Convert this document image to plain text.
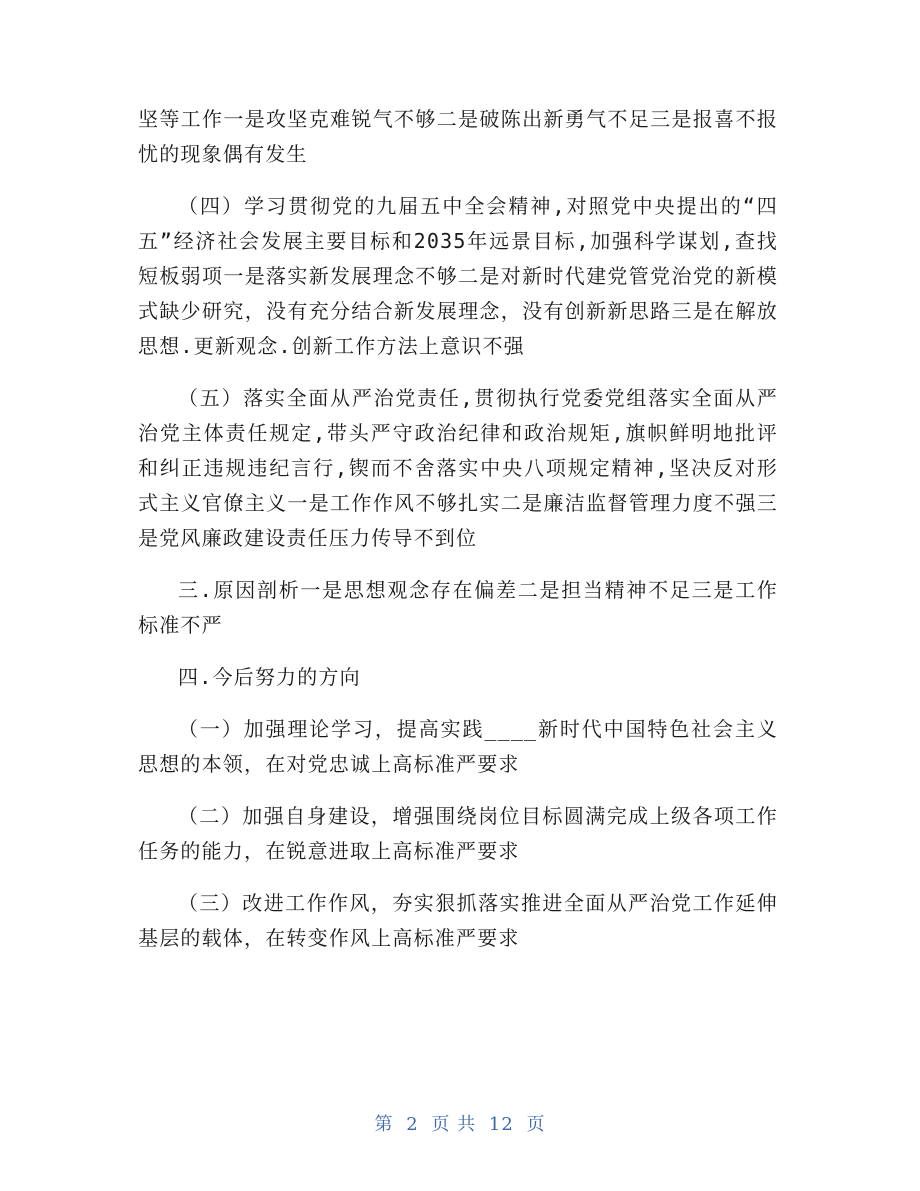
坚等工作一是攻坚克难锐气不够二是破陈出新勇气不足三是报喜不报忧的现象偶有发生

（四）学习贯彻党的九届五中全会精神,对照党中央提出的“四五”经济社会发展主要目标和2035年远景目标,加强科学谋划,查找短板弱项一是落实新发展理念不够二是对新时代建党管党治党的新模式缺少研究，没有充分结合新发展理念，没有创新新思路三是在解放思想.更新观念.创新工作方法上意识不强

（五）落实全面从严治党责任,贯彻执行党委党组落实全面从严治党主体责任规定,带头严守政治纪律和政治规矩,旗帜鲜明地批评和纠正违规违纪言行,锲而不舍落实中央八项规定精神,坚决反对形式主义官僚主义一是工作作风不够扎实二是廉洁监督管理力度不强三是党风廉政建设责任压力传导不到位

三.原因剖析一是思想观念存在偏差二是担当精神不足三是工作标准不严

四.今后努力的方向

（一）加强理论学习，提高实践____新时代中国特色社会主义思想的本领，在对党忠诚上高标准严要求

（二）加强自身建设，增强围绕岗位目标圆满完成上级各项工作任务的能力，在锐意进取上高标准严要求

（三）改进工作作风，夯实狠抓落实推进全面从严治党工作延伸基层的载体，在转变作风上高标准严要求

第 2 页 共 12 页
